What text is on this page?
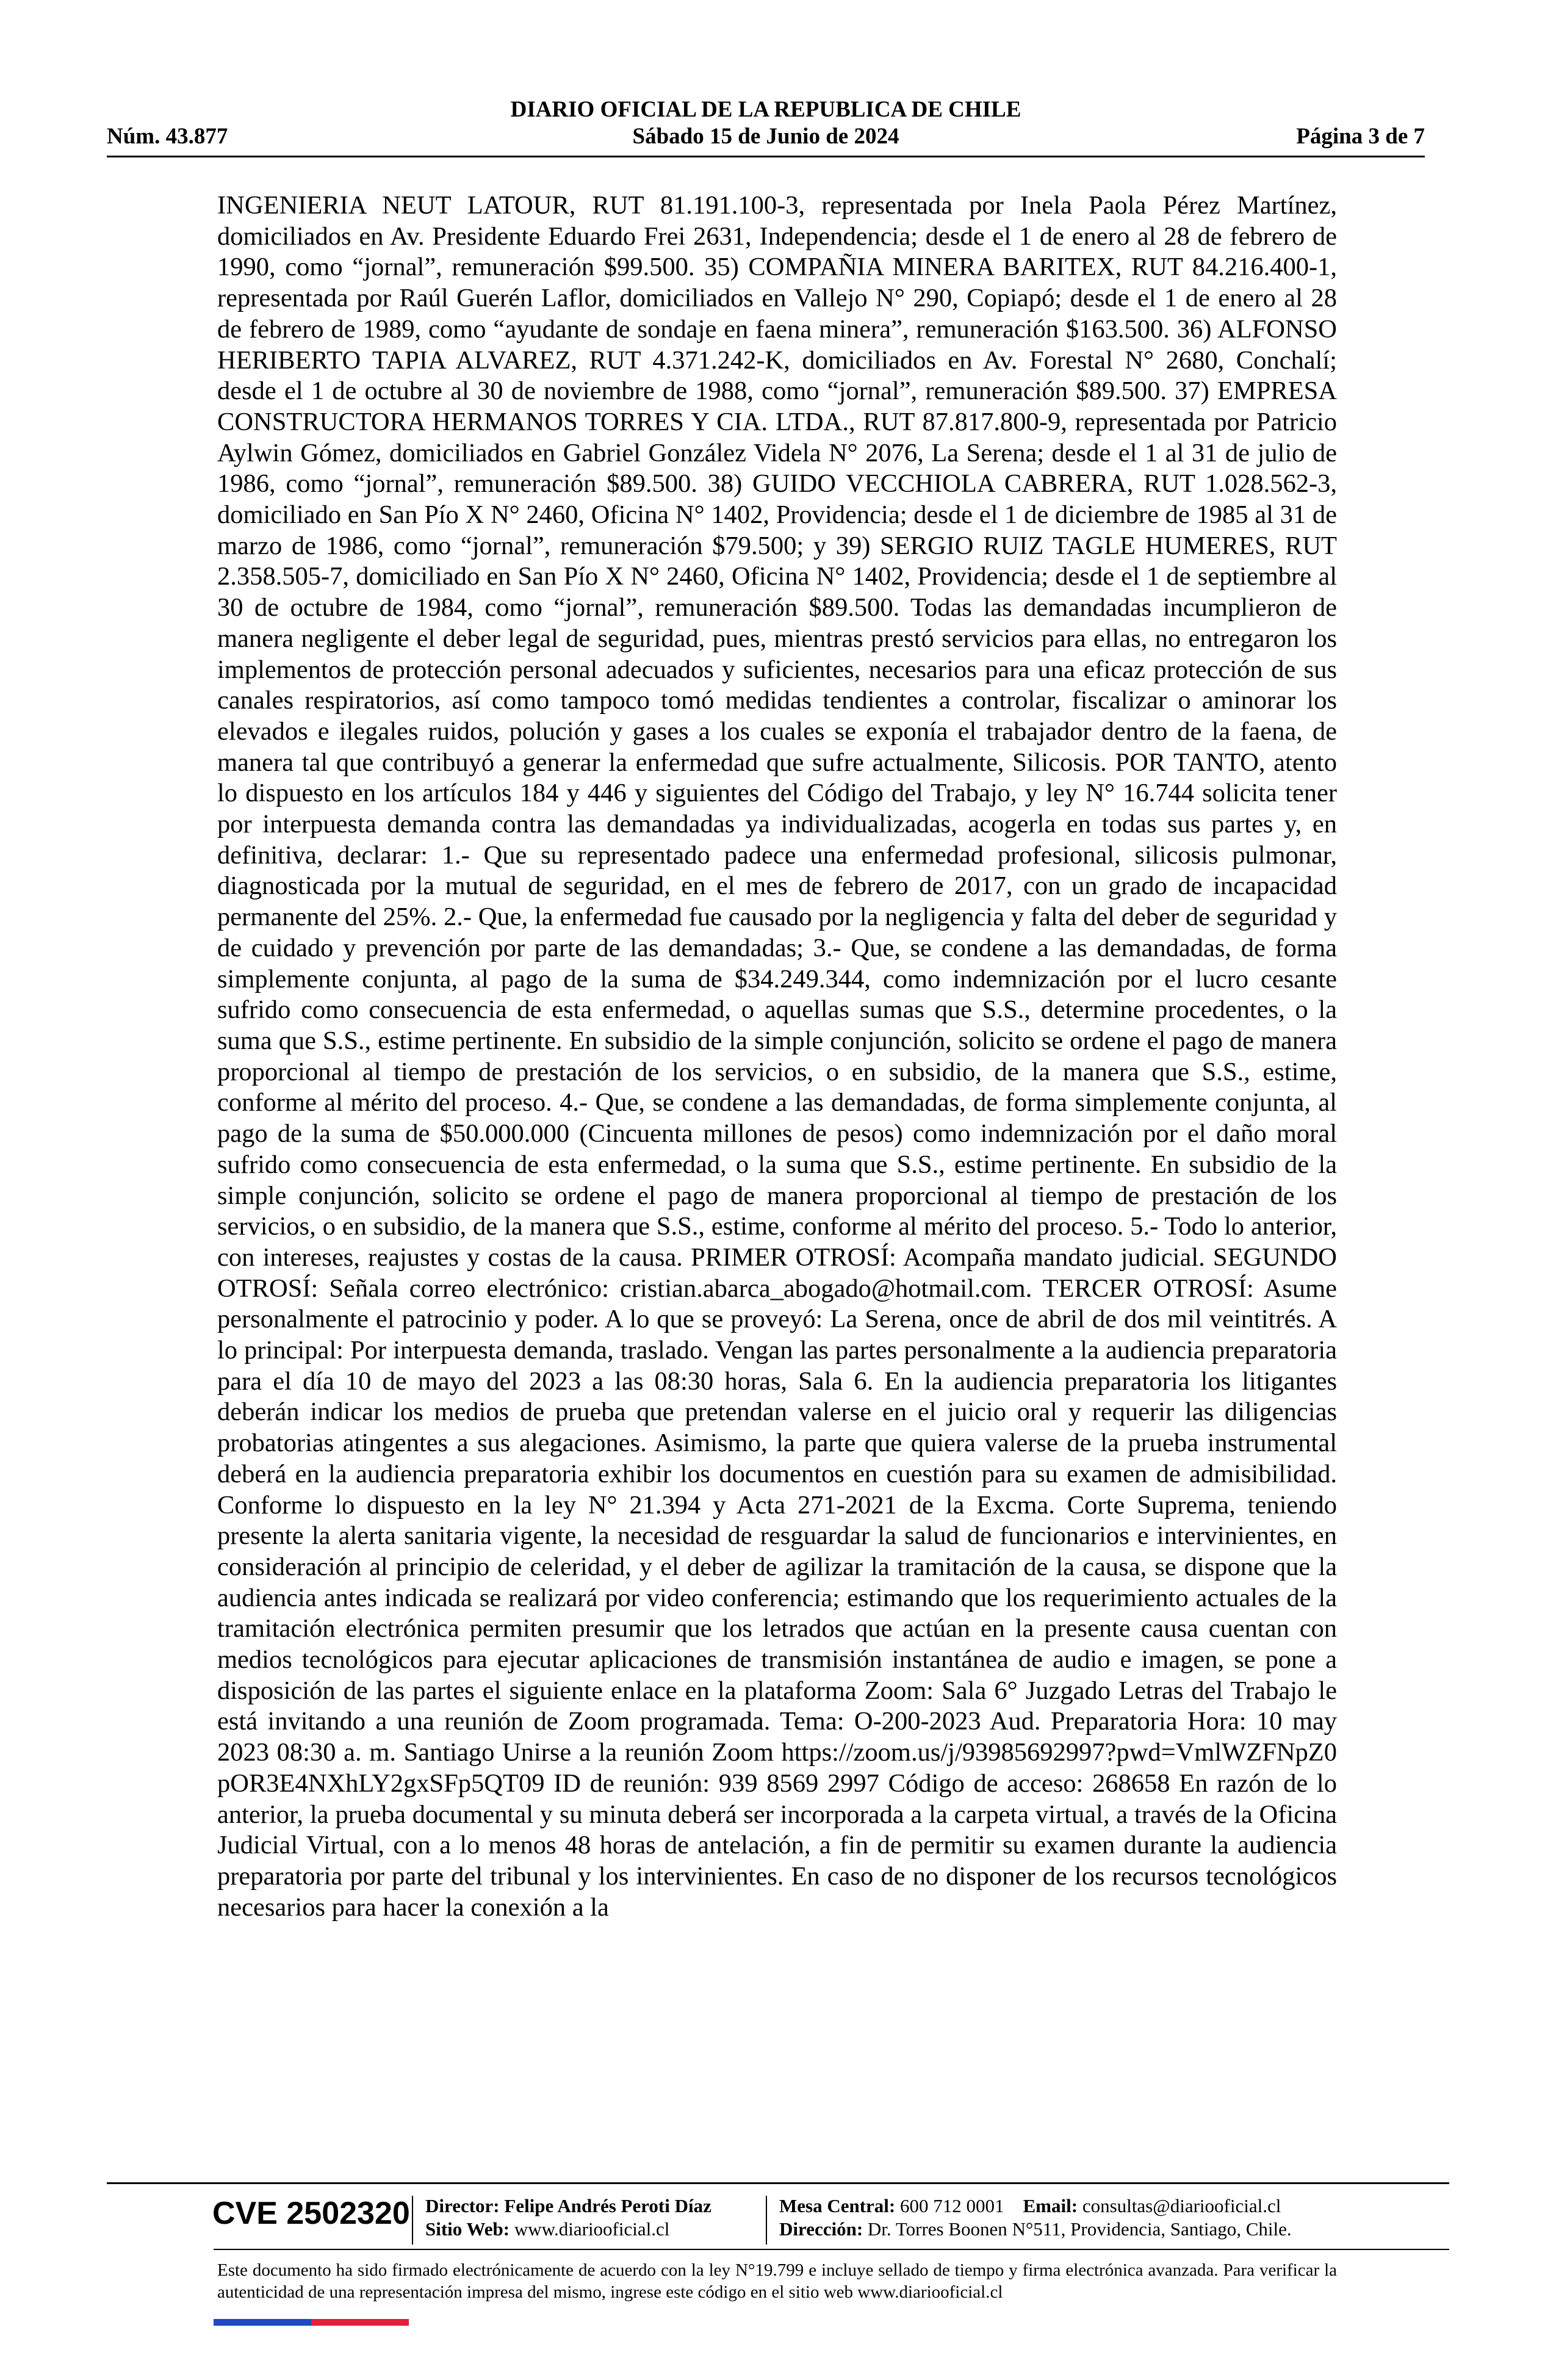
DIARIO OFICIAL DE LA REPUBLICA DE CHILE
Núm. 43.877	Sábado 15 de Junio de 2024	Página 3 de 7
INGENIERIA NEUT LATOUR, RUT 81.191.100-3, representada por Inela Paola Pérez Martínez, domiciliados en Av. Presidente Eduardo Frei 2631, Independencia; desde el 1 de enero al 28 de febrero de 1990, como “jornal”, remuneración $99.500. 35) COMPAÑIA MINERA BARITEX, RUT 84.216.400-1, representada por Raúl Guerén Laflor, domiciliados en Vallejo N° 290, Copiapó; desde el 1 de enero al 28 de febrero de 1989, como “ayudante de sondaje en faena minera”, remuneración $163.500. 36) ALFONSO HERIBERTO TAPIA ALVAREZ, RUT 4.371.242-K, domiciliados en Av. Forestal N° 2680, Conchalí; desde el 1 de octubre al 30 de noviembre de 1988, como “jornal”, remuneración $89.500. 37) EMPRESA CONSTRUCTORA HERMANOS TORRES Y CIA. LTDA., RUT 87.817.800-9, representada por Patricio Aylwin Gómez, domiciliados en Gabriel González Videla N° 2076, La Serena; desde el 1 al 31 de julio de 1986, como “jornal”, remuneración $89.500. 38) GUIDO VECCHIOLA CABRERA, RUT 1.028.562-3, domiciliado en San Pío X N° 2460, Oficina N° 1402, Providencia; desde el 1 de diciembre de 1985 al 31 de marzo de 1986, como “jornal”, remuneración $79.500; y 39) SERGIO RUIZ TAGLE HUMERES, RUT 2.358.505-7, domiciliado en San Pío X N° 2460, Oficina N° 1402, Providencia; desde el 1 de septiembre al 30 de octubre de 1984, como “jornal”, remuneración $89.500. Todas las demandadas incumplieron de manera negligente el deber legal de seguridad, pues, mientras prestó servicios para ellas, no entregaron los implementos de protección personal adecuados y suficientes, necesarios para una eficaz protección de sus canales respiratorios, así como tampoco tomó medidas tendientes a controlar, fiscalizar o aminorar los elevados e ilegales ruidos, polución y gases a los cuales se exponía el trabajador dentro de la faena, de manera tal que contribuyó a generar la enfermedad que sufre actualmente, Silicosis. POR TANTO, atento lo dispuesto en los artículos 184 y 446 y siguientes del Código del Trabajo, y ley N° 16.744 solicita tener por interpuesta demanda contra las demandadas ya individualizadas, acogerla en todas sus partes y, en definitiva, declarar: 1.- Que su representado padece una enfermedad profesional, silicosis pulmonar, diagnosticada por la mutual de seguridad, en el mes de febrero de 2017, con un grado de incapacidad permanente del 25%. 2.- Que, la enfermedad fue causado por la negligencia y falta del deber de seguridad y de cuidado y prevención por parte de las demandadas; 3.- Que, se condene a las demandadas, de forma simplemente conjunta, al pago de la suma de $34.249.344, como indemnización por el lucro cesante sufrido como consecuencia de esta enfermedad, o aquellas sumas que S.S., determine procedentes, o la suma que S.S., estime pertinente. En subsidio de la simple conjunción, solicito se ordene el pago de manera proporcional al tiempo de prestación de los servicios, o en subsidio, de la manera que S.S., estime, conforme al mérito del proceso. 4.- Que, se condene a las demandadas, de forma simplemente conjunta, al pago de la suma de $50.000.000 (Cincuenta millones de pesos) como indemnización por el daño moral sufrido como consecuencia de esta enfermedad, o la suma que S.S., estime pertinente. En subsidio de la simple conjunción, solicito se ordene el pago de manera proporcional al tiempo de prestación de los servicios, o en subsidio, de la manera que S.S., estime, conforme al mérito del proceso. 5.- Todo lo anterior, con intereses, reajustes y costas de la causa. PRIMER OTROSÍ: Acompaña mandato judicial. SEGUNDO OTROSÍ: Señala correo electrónico: cristian.abarca_abogado@hotmail.com. TERCER OTROSÍ: Asume personalmente el patrocinio y poder. A lo que se proveyó: La Serena, once de abril de dos mil veintitrés. A lo principal: Por interpuesta demanda, traslado. Vengan las partes personalmente a la audiencia preparatoria para el día 10 de mayo del 2023 a las 08:30 horas, Sala 6. En la audiencia preparatoria los litigantes deberán indicar los medios de prueba que pretendan valerse en el juicio oral y requerir las diligencias probatorias atingentes a sus alegaciones. Asimismo, la parte que quiera valerse de la prueba instrumental deberá en la audiencia preparatoria exhibir los documentos en cuestión para su examen de admisibilidad. Conforme lo dispuesto en la ley N° 21.394 y Acta 271-2021 de la Excma. Corte Suprema, teniendo presente la alerta sanitaria vigente, la necesidad de resguardar la salud de funcionarios e intervinientes, en consideración al principio de celeridad, y el deber de agilizar la tramitación de la causa, se dispone que la audiencia antes indicada se realizará por video conferencia; estimando que los requerimiento actuales de la tramitación electrónica permiten presumir que los letrados que actúan en la presente causa cuentan con medios tecnológicos para ejecutar aplicaciones de transmisión instantánea de audio e imagen, se pone a disposición de las partes el siguiente enlace en la plataforma Zoom: Sala 6° Juzgado Letras del Trabajo le está invitando a una reunión de Zoom programada. Tema: O-200-2023 Aud. Preparatoria Hora: 10 may 2023 08:30 a. m. Santiago Unirse a la reunión Zoom https://zoom.us/j/93985692997?pwd=VmlWZFNpZ0 pOR3E4NXhLY2gxSFp5QT09 ID de reunión: 939 8569 2997 Código de acceso: 268658 En razón de lo anterior, la prueba documental y su minuta deberá ser incorporada a la carpeta virtual, a través de la Oficina Judicial Virtual, con a lo menos 48 horas de antelación, a fin de permitir su examen durante la audiencia preparatoria por parte del tribunal y los intervinientes. En caso de no disponer de los recursos tecnológicos necesarios para hacer la conexión a la
CVE 2502320 Director: Felipe Andrés Peroti Díaz
Sitio Web: www.diariooficial.cl
Mesa Central: 600 712 0001 Email: consultas@diariooficial.cl
Dirección: Dr. Torres Boonen N°511, Providencia, Santiago, Chile.
Este documento ha sido firmado electrónicamente de acuerdo con la ley N°19.799 e incluye sellado de tiempo y firma electrónica avanzada. Para verificar la autenticidad de una representación impresa del mismo, ingrese este código en el sitio web www.diariooficial.cl
